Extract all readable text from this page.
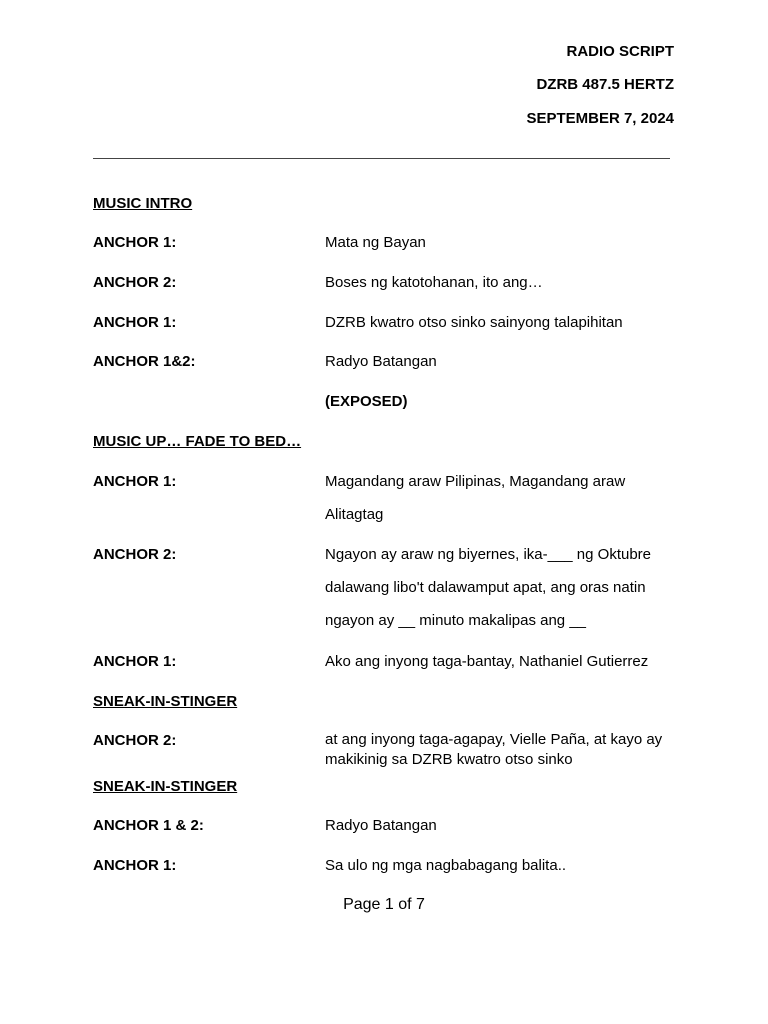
RADIO SCRIPT
DZRB 487.5 HERTZ
SEPTEMBER 7, 2024
MUSIC INTRO
ANCHOR 1:	Mata ng Bayan
ANCHOR 2:	Boses ng katotohanan, ito ang…
ANCHOR 1:	DZRB kwatro otso sinko sainyong talapihitan
ANCHOR 1&2:	Radyo Batangan
(EXPOSED)
MUSIC UP… FADE TO BED…
ANCHOR 1:	Magandang araw Pilipinas, Magandang araw
Alitagtag
ANCHOR 2:	Ngayon ay araw ng biyernes, ika-___ ng Oktubre
dalawang libo't dalawamput apat, ang oras natin
ngayon ay __ minuto makalipas ang __
ANCHOR 1:	Ako ang inyong taga-bantay, Nathaniel Gutierrez
SNEAK-IN-STINGER
ANCHOR 2:	at ang inyong taga-agapay, Vielle Paña, at kayo ay makikinig sa DZRB kwatro otso sinko
SNEAK-IN-STINGER
ANCHOR 1 & 2:	Radyo Batangan
ANCHOR 1:	Sa ulo ng mga nagbabagang balita..
Page 1 of 7
